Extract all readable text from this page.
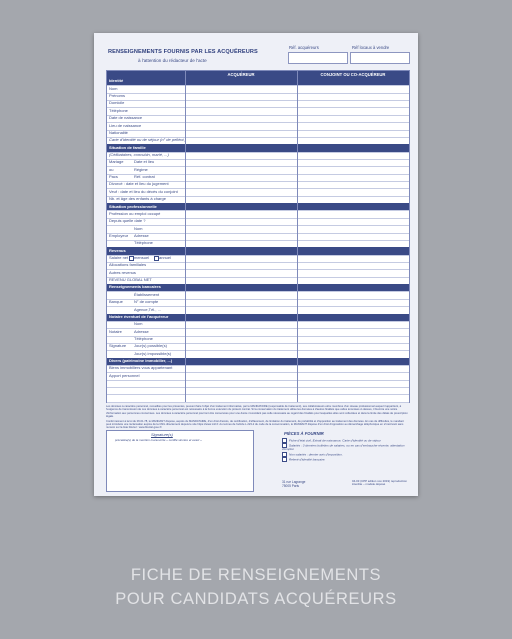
RENSEIGNEMENTS FOURNIS PAR LES ACQUÉREURS
à l'attention du rédacteur de l'acte
Réf. acquéreurs	Réf locaux à vendre
ACQUÉREUR	CONJOINT OU CO-ACQUÉREUR
Identité
Nom
Prénoms
Domicile
Téléphone
Date de naissance
Lieu de naissance
Nationalité
Carte d'identité ou de séjour (n° de pelléot.)
Situation de famille
(Célibataires, concubin, marié, ...)
Mariage	Date et lieu
ou	Régime
Pacs	Réf. contrat
Divorcé : date et lieu du jugement
Veuf : date et lieu du décès du conjoint
Nb. et âge des enfants à charge
Situation professionnelle
Profession ou emploi occupé
Depuis quelle date ?
Nom
Employeur Adresse
Téléphone
Revenus
Salaire net mensuel annuel
Allocations familiales
Autres revenus
REVENU GLOBAL NET
Renseignements bancaires
Établissement
Banque	N° de compte
Agence,Tél., ...
Notaire éventuel de l'acquéreur
Nom
Notaire	Adresse
Téléphone
Signature Jour(s) possible(s)
Jour(s) impossible(s)
Divers (patrimoine immobilier, ...)
Biens immobiliers vous appartenant
Apport personnel

Les données à caractère personnel, recueillies pour les présentes, peuvent faire l'objet d'un traitement informatisé, par le MANDATAIRE (responsable de traitement), ses collaborateurs et/ou membres d'un réseau professionnel auquel il appartient, à l'exigence de transmission de ces données à caractère personnel est nécessaire à la bonne exécution du présent contrat. Si la conservation du traitement utilise les données à d'autres finalités que celles énoncées ci-dessus, il fournira une notice d'information aux personnes concernées. Les données à caractère personnel pourront être conservées pour une durée n'excédant pas celle nécessaire au regard des finalités pour lesquelles elles sont collectées et dans la limite des délais de prescription légale.

Conformément à la loi du 06.01.78, le MANDANT dispose, auprès du MANDATAIRE, d'un droit d'accès, de rectification, d'effacement, de limitation du traitement, de portabilité et d'opposition au traitement des données. En cas de difficultés, le mandant peut introduire une réclamation auprès de la CNIL directement depuis le site https://www.cnil.fr. Au termes de l'article L.223-2 du code de la consommation, le MANDANT dispose d'un droit d'opposition au démarchage téléphonique en s'inscrivant sans numéro sur la liste bloctel : www.bloctel.gouv.fr

Signature(s)
précédée(s) de la mention manuscrite « certifié sincère et exact »
PIÈCES À FOURNIR
Fiche d'état civil, Extrait de naissance, Carte d'identité ou de séjour
Salariés : 3 derniers bulletins de salaires, ou en cas d'embauche récente, attestation d'emploi.
Non salariés : dernier avis d'imposition.
Relevé d'identité bancaire.
31 rue Lagrange
75005 Paris
04-03 (CPP édition nov 2019) reproduction interdite – modèle déposé
FICHE DE RENSEIGNEMENTS
POUR CANDIDATS ACQUÉREURS
